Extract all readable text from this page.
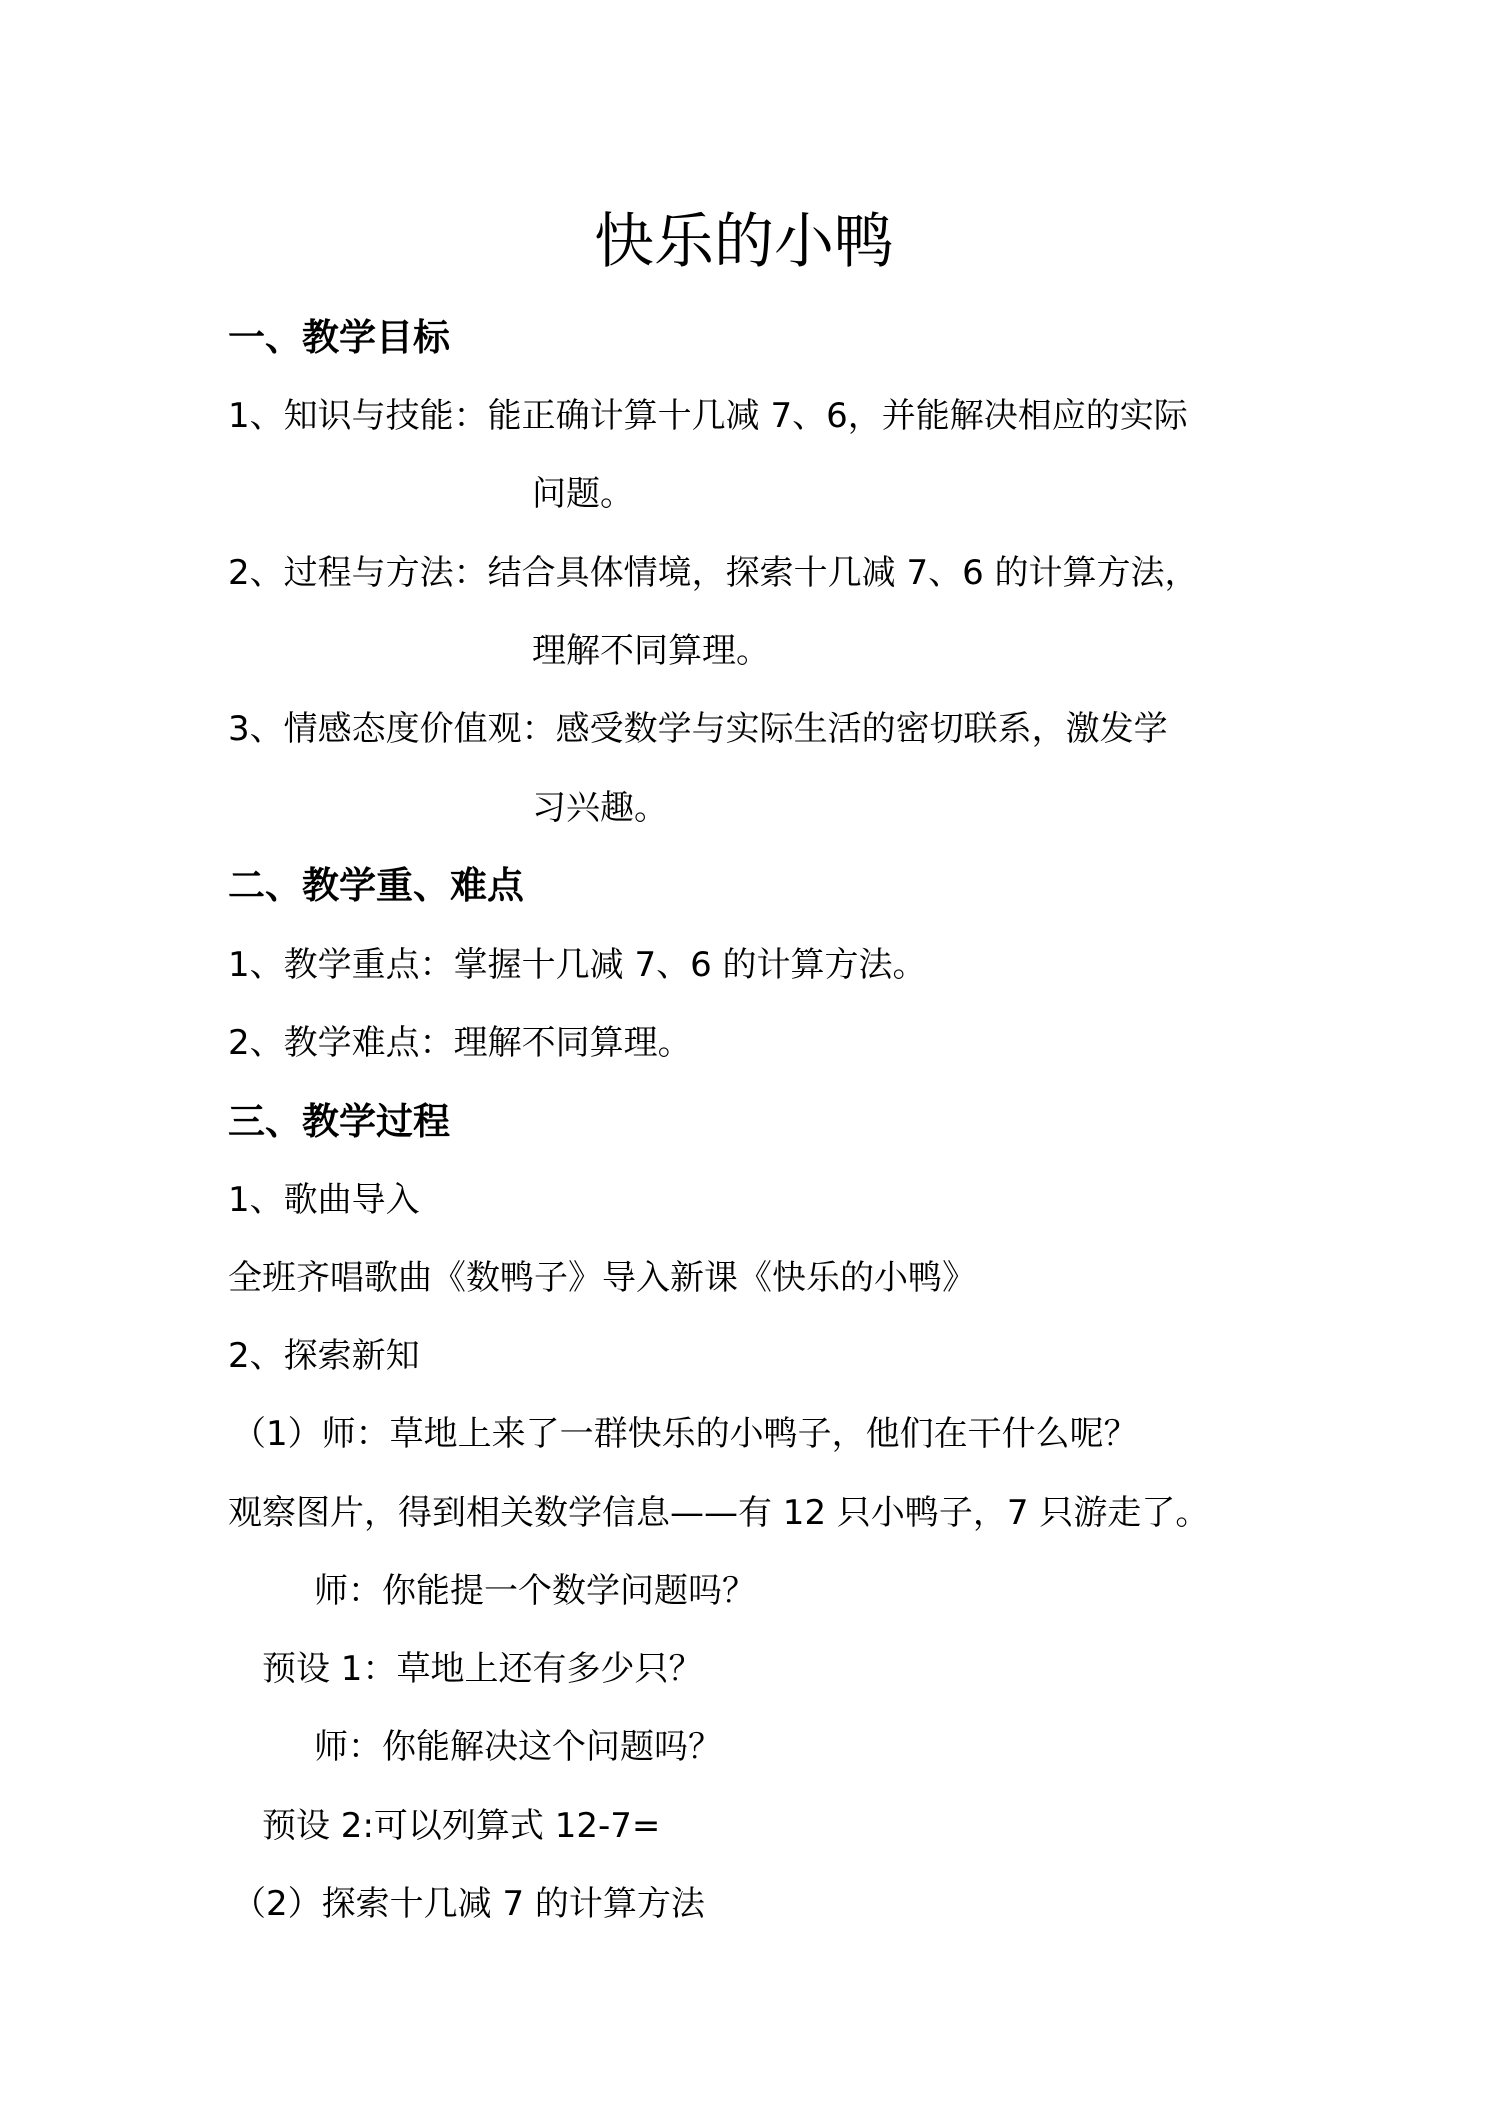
快乐的小鸭
一、教学目标
1、知识与技能：能正确计算十几减 7、6，并能解决相应的实际
问题。
2、过程与方法：结合具体情境，探索十几减 7、6 的计算方法，
理解不同算理。
3、情感态度价值观：感受数学与实际生活的密切联系，激发学
习兴趣。
二、教学重、难点
1、教学重点：掌握十几减 7、6 的计算方法。
2、教学难点：理解不同算理。
三、教学过程
1、歌曲导入
全班齐唱歌曲《数鸭子》导入新课《快乐的小鸭》
2、探索新知
（1）师：草地上来了一群快乐的小鸭子，他们在干什么呢？
观察图片，得到相关数学信息——有 12 只小鸭子，7 只游走了。
师：你能提一个数学问题吗？
预设 1：草地上还有多少只？
师：你能解决这个问题吗？
预设 2:可以列算式 12-7=
（2）探索十几减 7 的计算方法
